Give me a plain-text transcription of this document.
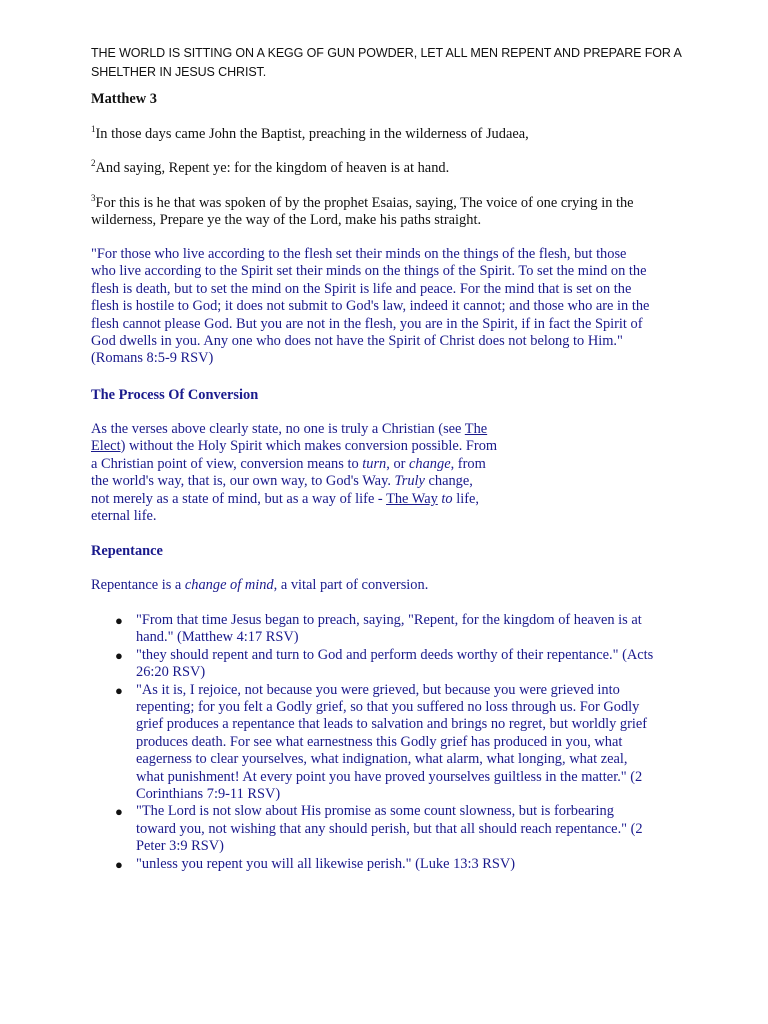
THE WORLD IS SITTING ON A KEGG OF GUN POWDER, LET ALL MEN REPENT AND PREPARE FOR A
SHELTHER IN JESUS CHRIST.
Matthew 3
$^1$In those days came John the Baptist, preaching in the wilderness of Judaea,
$^2$And saying, Repent ye: for the kingdom of heaven is at hand.
$^3$For this is he that was spoken of by the prophet Esaias, saying, The voice of one crying in the
wilderness, Prepare ye the way of the Lord, make his paths straight.
"For those who live according to the flesh set their minds on the things of the flesh, but those
who live according to the Spirit set their minds on the things of the Spirit. To set the mind on the
flesh is death, but to set the mind on the Spirit is life and peace. For the mind that is set on the
flesh is hostile to God; it does not submit to God's law, indeed it cannot; and those who are in the
flesh cannot please God. But you are not in the flesh, you are in the Spirit, if in fact the Spirit of
God dwells in you. Any one who does not have the Spirit of Christ does not belong to Him."
(Romans 8:5-9 RSV)
The Process Of Conversion
As the verses above clearly state, no one is truly a Christian (see The
Elect) without the Holy Spirit which makes conversion possible. From
a Christian point of view, conversion means to turn, or change, from
the world's way, that is, our own way, to God's Way. Truly change,
not merely as a state of mind, but as a way of life - The Way to life,
eternal life.
Repentance
Repentance is a change of mind, a vital part of conversion.
● "From that time Jesus began to preach, saying, "Repent, for the kingdom of heaven is at
hand." (Matthew 4:17 RSV)
● "they should repent and turn to God and perform deeds worthy of their repentance." (Acts
26:20 RSV)
● "As it is, I rejoice, not because you were grieved, but because you were grieved into
repenting; for you felt a Godly grief, so that you suffered no loss through us. For Godly
grief produces a repentance that leads to salvation and brings no regret, but worldly grief
produces death. For see what earnestness this Godly grief has produced in you, what
eagerness to clear yourselves, what indignation, what alarm, what longing, what zeal,
what punishment! At every point you have proved yourselves guiltless in the matter." (2
Corinthians 7:9-11 RSV)
● "The Lord is not slow about His promise as some count slowness, but is forbearing
toward you, not wishing that any should perish, but that all should reach repentance." (2
Peter 3:9 RSV)
● "unless you repent you will all likewise perish." (Luke 13:3 RSV)
